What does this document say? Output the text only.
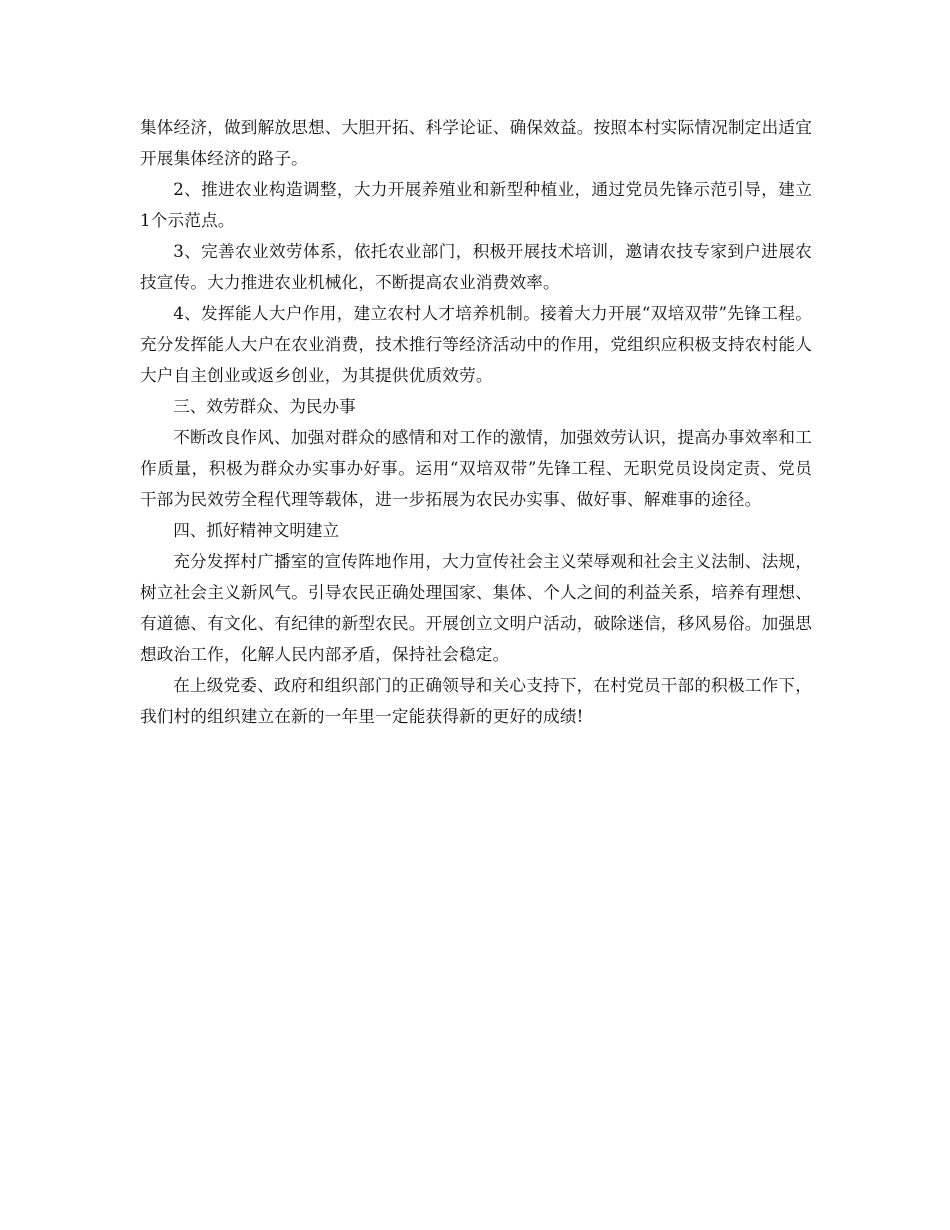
集体经济，做到解放思想、大胆开拓、科学论证、确保效益。按照本村实际情况制定出适宜开展集体经济的路子。

2、推进农业构造调整，大力开展养殖业和新型种植业，通过党员先锋示范引导，建立1个示范点。

3、完善农业效劳体系，依托农业部门，积极开展技术培训，邀请农技专家到户进展农技宣传。大力推进农业机械化，不断提高农业消费效率。

4、发挥能人大户作用，建立农村人才培养机制。接着大力开展“双培双带”先锋工程。充分发挥能人大户在农业消费，技术推行等经济活动中的作用，党组织应积极支持农村能人大户自主创业或返乡创业，为其提供优质效劳。

三、效劳群众、为民办事

不断改良作风、加强对群众的感情和对工作的激情，加强效劳认识，提高办事效率和工作质量，积极为群众办实事办好事。运用“双培双带”先锋工程、无职党员设岗定责、党员干部为民效劳全程代理等载体，进一步拓展为农民办实事、做好事、解难事的途径。

四、抓好精神文明建立

充分发挥村广播室的宣传阵地作用，大力宣传社会主义荣辱观和社会主义法制、法规，树立社会主义新风气。引导农民正确处理国家、集体、个人之间的利益关系，培养有理想、有道德、有文化、有纪律的新型农民。开展创立文明户活动，破除迷信，移风易俗。加强思想政治工作，化解人民内部矛盾，保持社会稳定。

在上级党委、政府和组织部门的正确领导和关心支持下，在村党员干部的积极工作下，我们村的组织建立在新的一年里一定能获得新的更好的成绩!
